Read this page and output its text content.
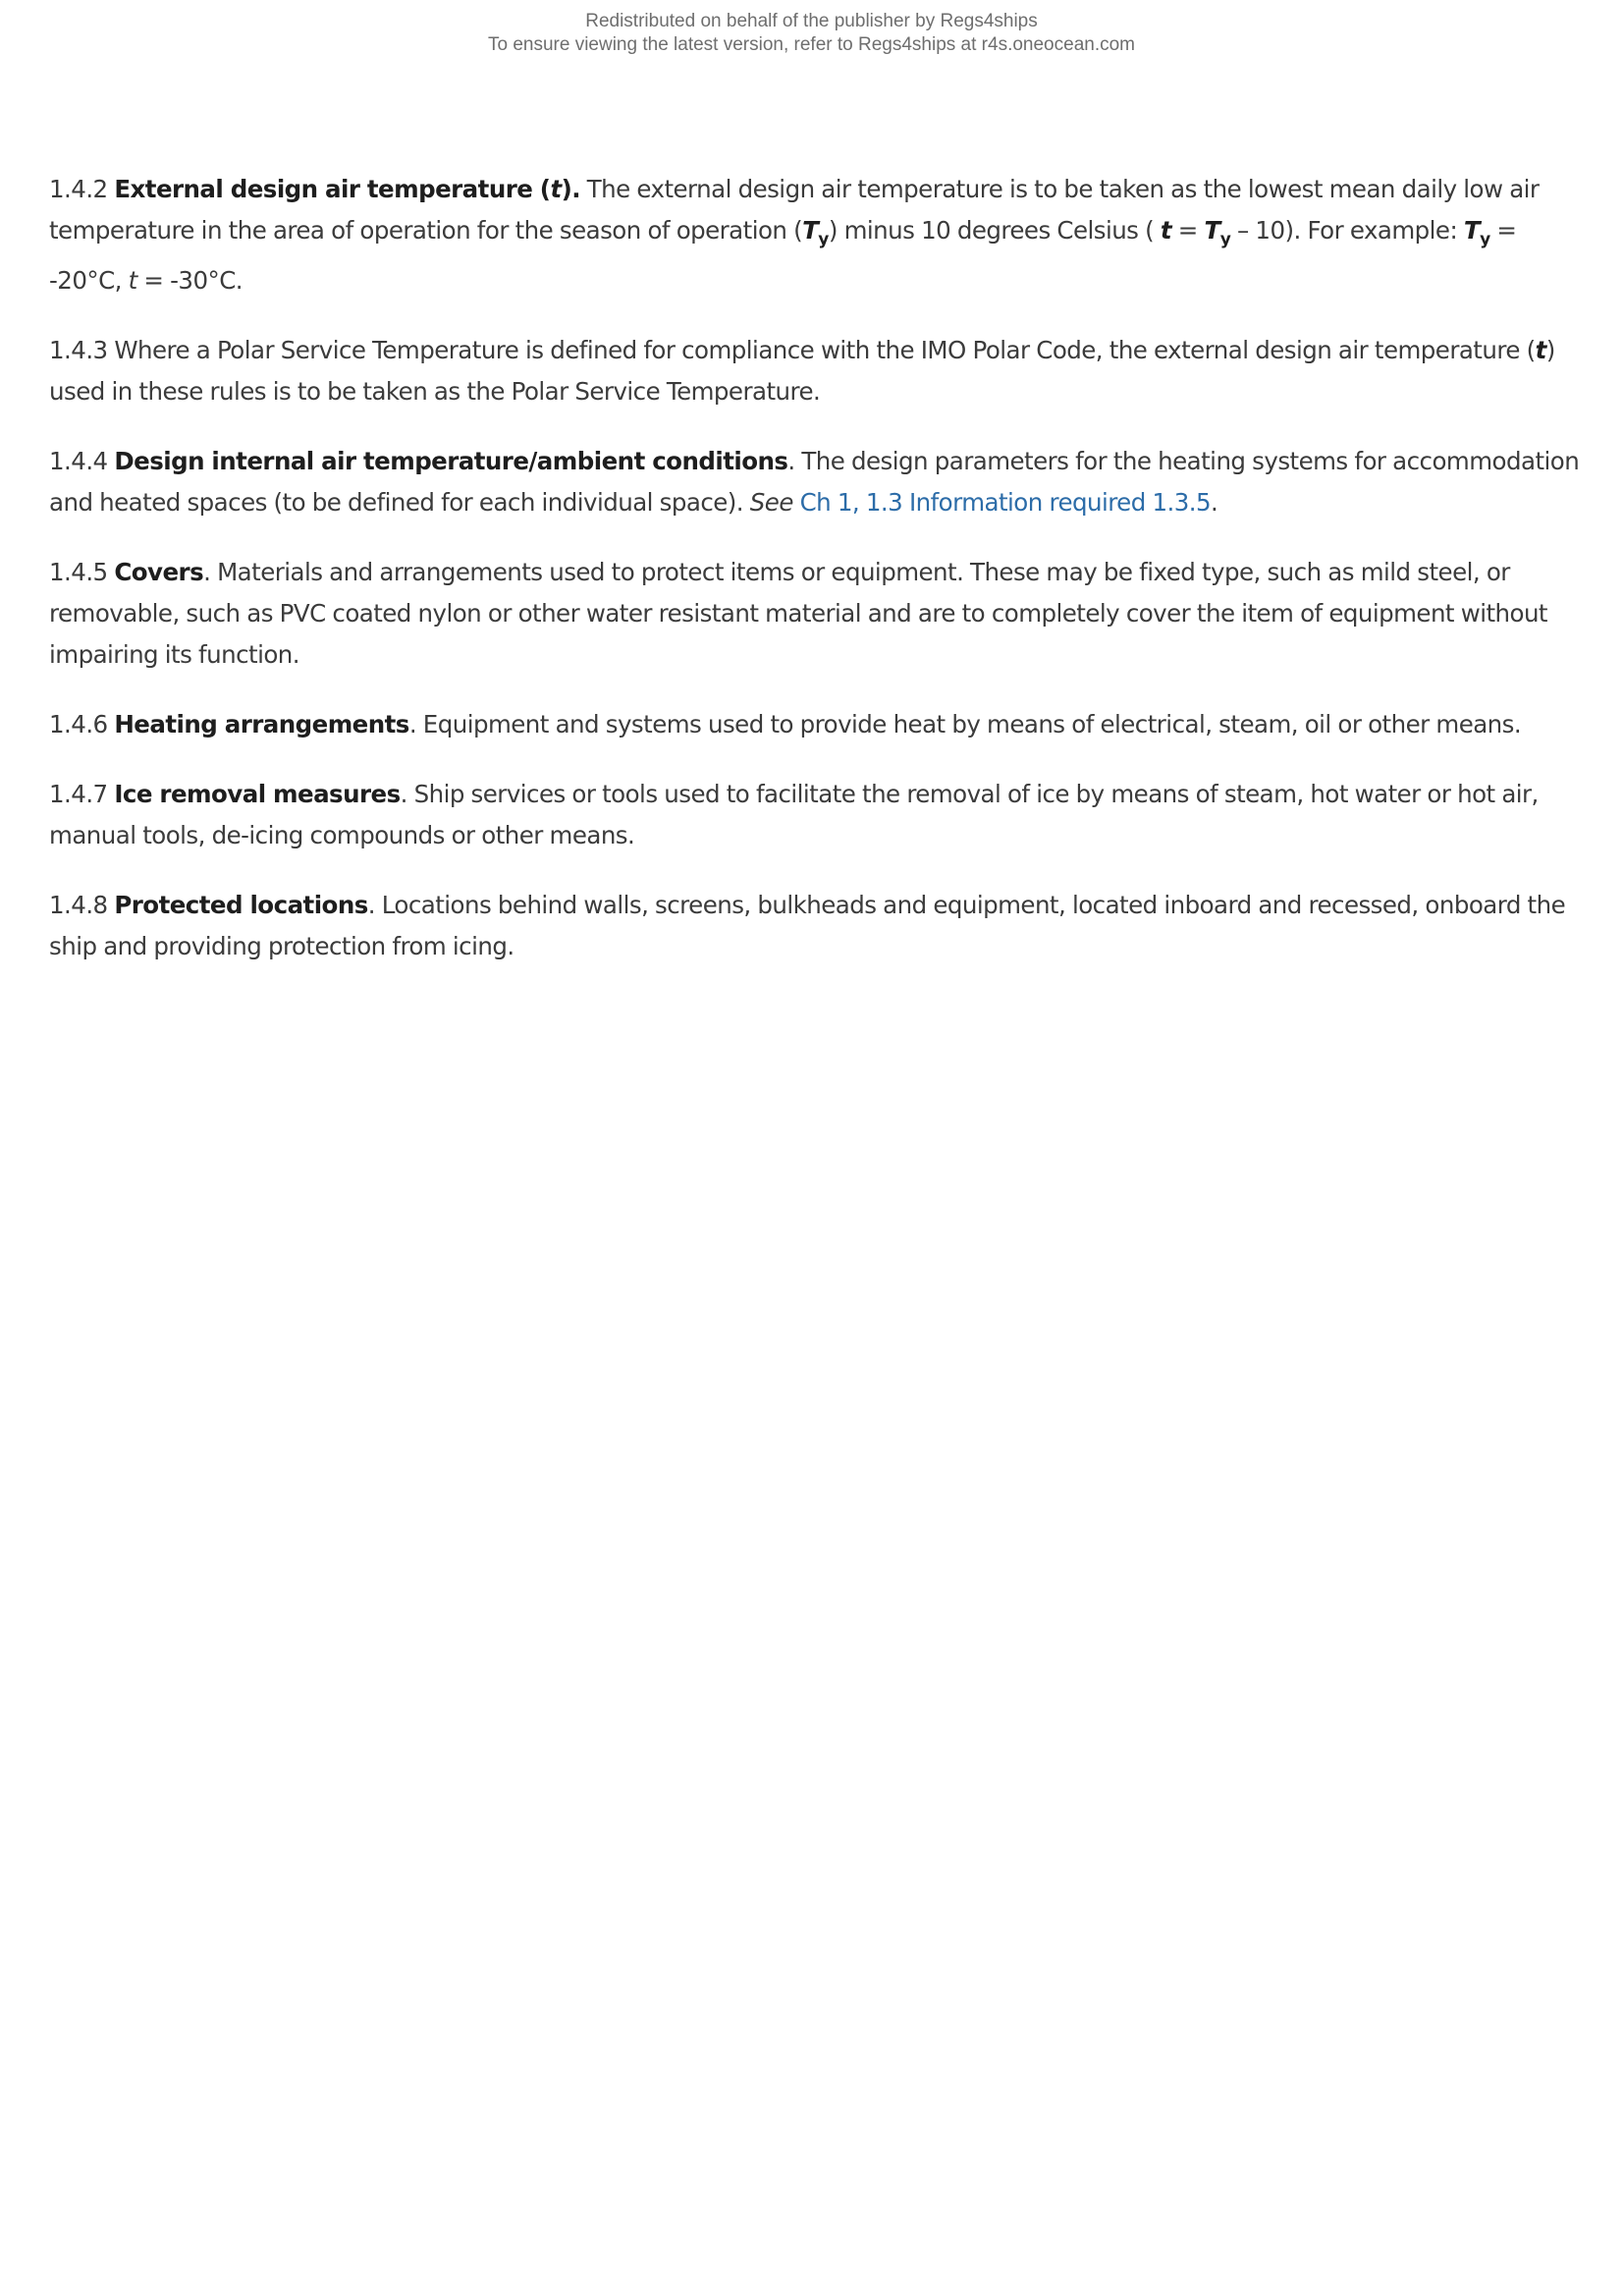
Redistributed on behalf of the publisher by Regs4ships
To ensure viewing the latest version, refer to Regs4ships at r4s.oneocean.com

1.4.2 External design air temperature (t). The external design air temperature is to be taken as the lowest mean daily low air temperature in the area of operation for the season of operation $(T_y)$ minus 10 degrees Celsius ( $t = T_y - 10$). For example: $T_y = -20^\circ C$, t = -30°C.

1.4.3 Where a Polar Service Temperature is defined for compliance with the IMO Polar Code, the external design air temperature (t) used in these rules is to be taken as the Polar Service Temperature.

1.4.4 Design internal air temperature/ambient conditions. The design parameters for the heating systems for accommodation and heated spaces (to be defined for each individual space). See Ch 1, 1.3 Information required 1.3.5.

1.4.5 Covers. Materials and arrangements used to protect items or equipment. These may be fixed type, such as mild steel, or removable, such as PVC coated nylon or other water resistant material and are to completely cover the item of equipment without impairing its function.

1.4.6 Heating arrangements. Equipment and systems used to provide heat by means of electrical, steam, oil or other means.

1.4.7 Ice removal measures. Ship services or tools used to facilitate the removal of ice by means of steam, hot water or hot air, manual tools, de-icing compounds or other means.

1.4.8 Protected locations. Locations behind walls, screens, bulkheads and equipment, located inboard and recessed, onboard the ship and providing protection from icing.
